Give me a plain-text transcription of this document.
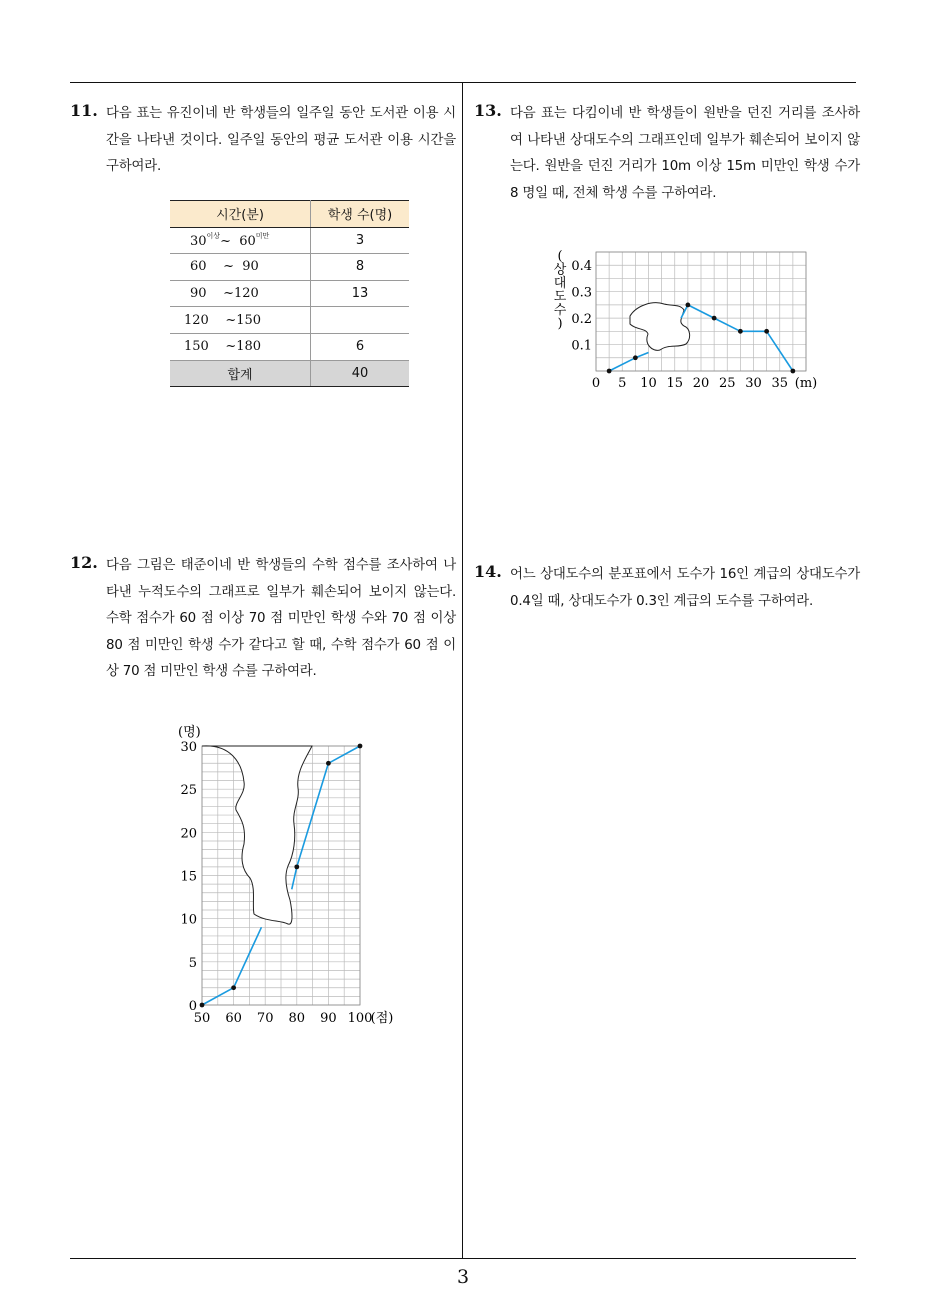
11. 다음 표는 유진이네 반 학생들의 일주일 동안 도서관 이용 시간을 나타낸 것이다. 일주일 동안의 평균 도서관 이용 시간을 구하여라.
시간(분)	학생 수(명)
$30^{이상}\sim$ $60^{미만}$	3
60 ~ 90	8
90 ~120	13
120 ~150	
150 ~180	6
합계	40
12. 다음 그림은 태준이네 반 학생들의 수학 점수를 조사하여 나타낸 누적도수의 그래프로 일부가 훼손되어 보이지 않는다. 수학 점수가 60 점 이상 70 점 미만인 학생 수와 70 점 이상 80 점 미만인 학생 수가 같다고 할 때, 수학 점수가 60 점 이상 70 점 미만인 학생 수를 구하여라.
0
5
10
15
20
25
30
(명)
50 60 70 80 90 100
(점)
13. 다음 표는 다킴이네 반 학생들이 원반을 던진 거리를 조사하여 나타낸 상대도수의 그래프인데 일부가 훼손되어 보이지 않는다. 원반을 던진 거리가 10m 이상 15m 미만인 학생 수가 8 명일 때, 전체 학생 수를 구하여라.
0.1
0.2
0.3
0.4
( 상 대 도 수 )
0 5 10 15 20 25 30 35 (m)
14. 어느 상대도수의 분포표에서 도수가 16인 계급의 상대도수가 0.4일 때, 상대도수가 0.3인 계급의 도수를 구하여라.
3
